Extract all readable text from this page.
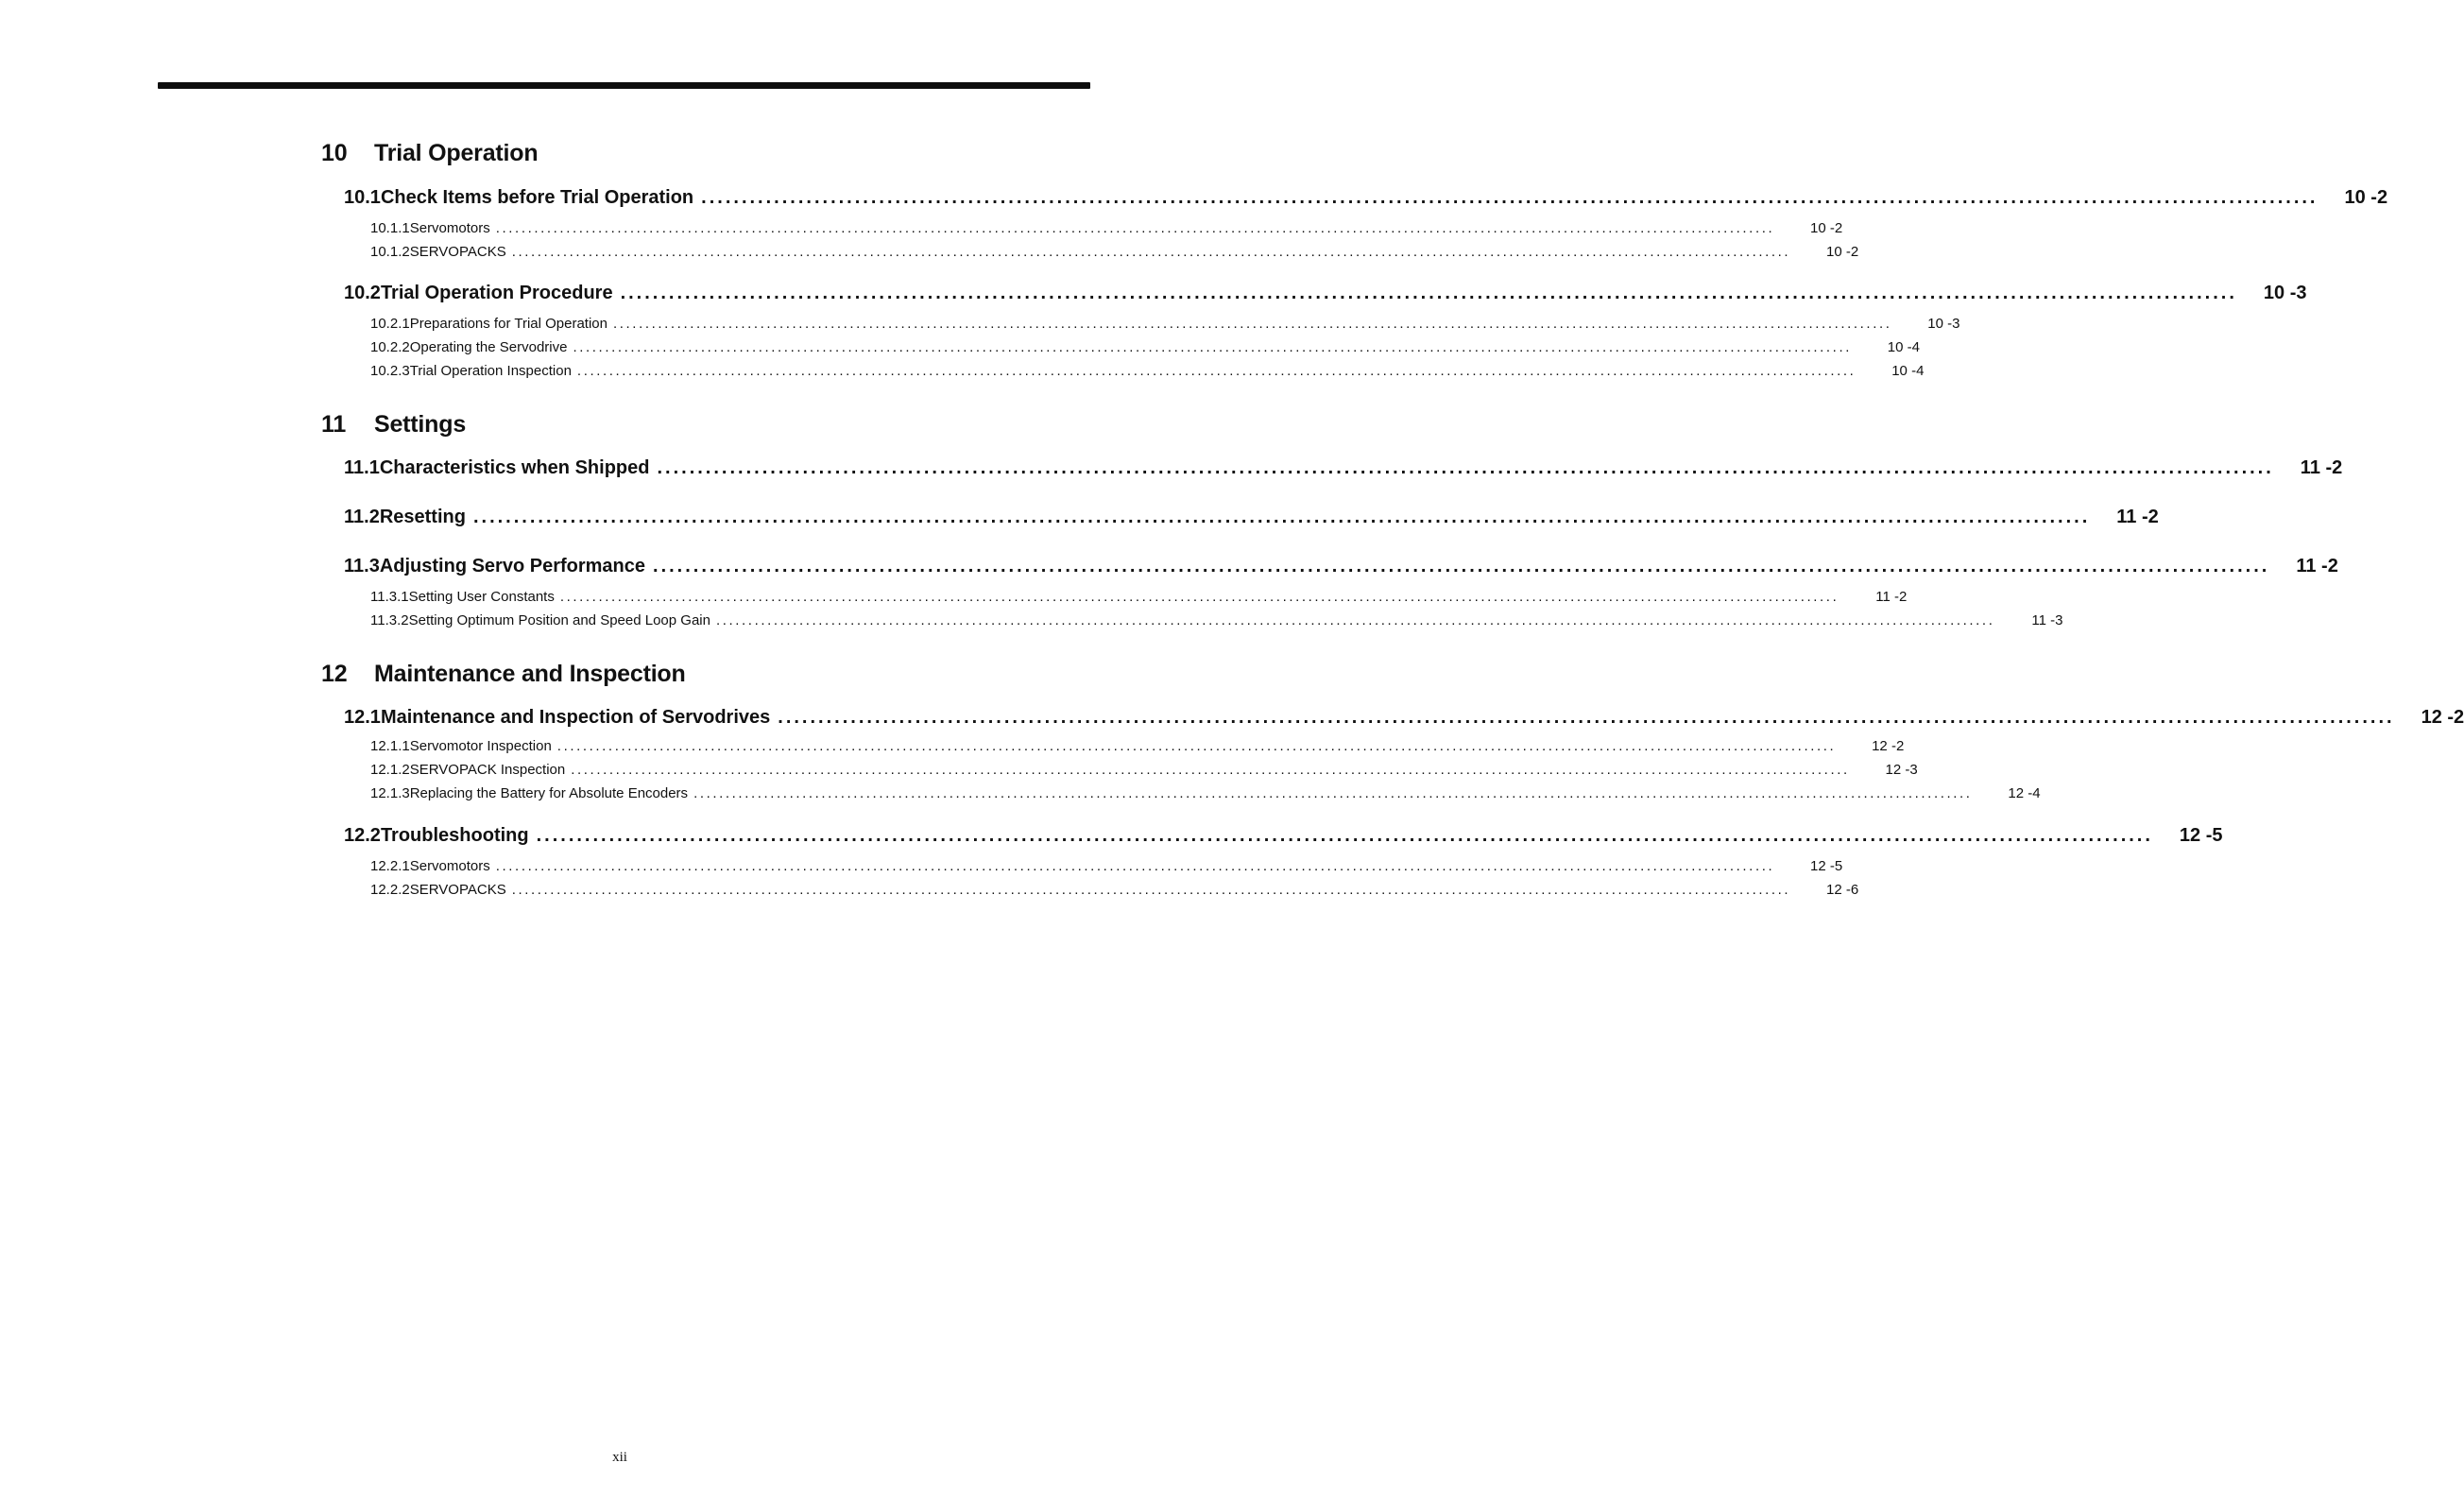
10	Trial Operation
10.1 Check Items before Trial Operation ........................................................................................................................................................................................................ 10 -2
10.1.1 Servomotors ........................................................................................................................................................................................................	10 -2
10.1.2 SERVOPACKS ........................................................................................................................................................................................................	10 -2
10.2 Trial Operation Procedure ........................................................................................................................................................................................................ 10 -3
10.2.1 Preparations for Trial Operation ........................................................................................................................................................................................................	10 -3
10.2.2 Operating the Servodrive ........................................................................................................................................................................................................	10 -4
10.2.3 Trial Operation Inspection ........................................................................................................................................................................................................	10 -4
11	Settings
11.1 Characteristics when Shipped ........................................................................................................................................................................................................ 11 -2
11.2 Resetting ........................................................................................................................................................................................................ 11 -2
11.3 Adjusting Servo Performance ........................................................................................................................................................................................................ 11 -2
11.3.1 Setting User Constants ........................................................................................................................................................................................................	11 -2
11.3.2 Setting Optimum Position and Speed Loop Gain ........................................................................................................................................................................................................	11 -3
12	Maintenance and Inspection
12.1 Maintenance and Inspection of Servodrives ........................................................................................................................................................................................................ 12 -2
12.1.1 Servomotor Inspection ........................................................................................................................................................................................................	12 -2
12.1.2 SERVOPACK Inspection ........................................................................................................................................................................................................	12 -3
12.1.3 Replacing the Battery for Absolute Encoders ........................................................................................................................................................................................................	12 -4
12.2 Troubleshooting ........................................................................................................................................................................................................ 12 -5
12.2.1 Servomotors ........................................................................................................................................................................................................	12 -5
12.2.2 SERVOPACKS ........................................................................................................................................................................................................	12 -6
xii
